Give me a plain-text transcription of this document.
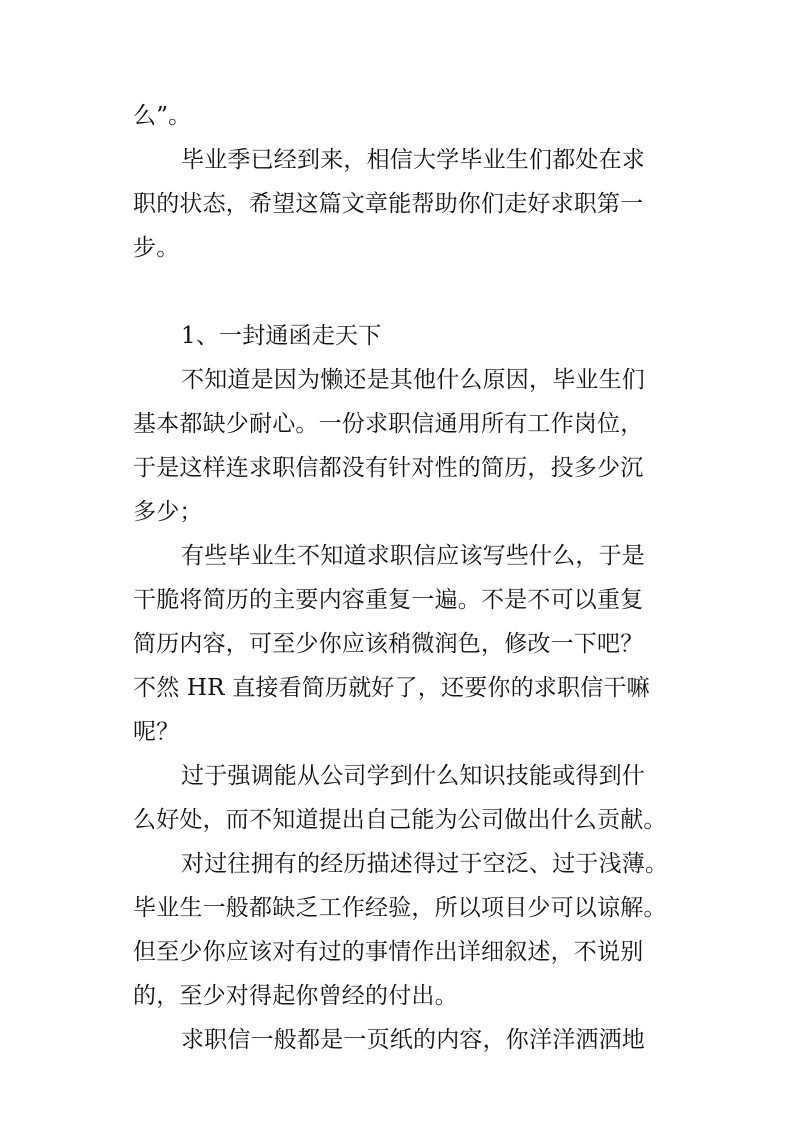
么”。
毕业季已经到来，相信大学毕业生们都处在求
职的状态，希望这篇文章能帮助你们走好求职第一
步。
1、一封通函走天下
不知道是因为懒还是其他什么原因，毕业生们
基本都缺少耐心。一份求职信通用所有工作岗位，
于是这样连求职信都没有针对性的简历，投多少沉
多少；
有些毕业生不知道求职信应该写些什么，于是
干脆将简历的主要内容重复一遍。不是不可以重复
简历内容，可至少你应该稍微润色，修改一下吧？
不然 HR 直接看简历就好了，还要你的求职信干嘛
呢？
过于强调能从公司学到什么知识技能或得到什
么好处，而不知道提出自己能为公司做出什么贡献。
对过往拥有的经历描述得过于空泛、过于浅薄。
毕业生一般都缺乏工作经验，所以项目少可以谅解。
但至少你应该对有过的事情作出详细叙述，不说别
的，至少对得起你曾经的付出。
求职信一般都是一页纸的内容，你洋洋洒洒地
